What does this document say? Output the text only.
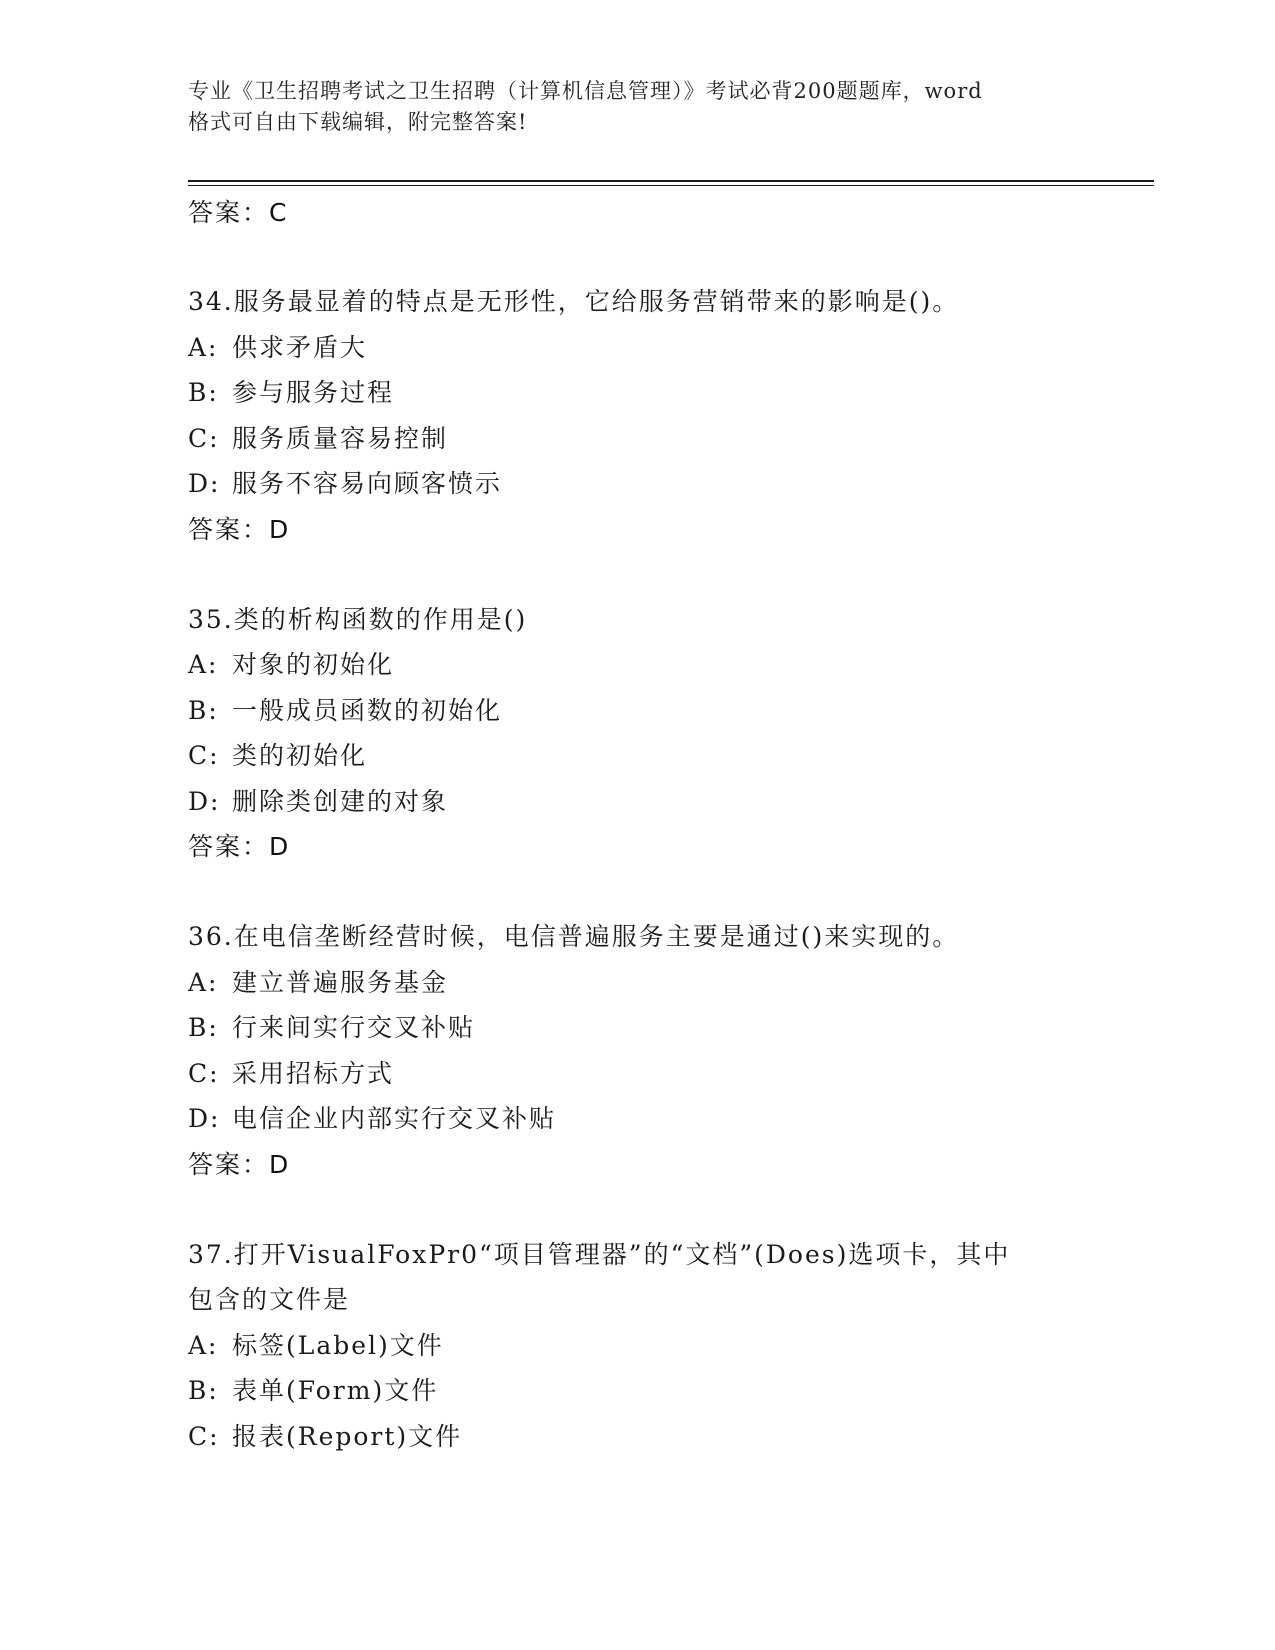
专业《卫生招聘考试之卫生招聘（计算机信息管理）》考试必背200题题库，word
格式可自由下载编辑，附完整答案!
答案：C
34.服务最显着的特点是无形性，它给服务营销带来的影响是()。
A: 供求矛盾大
B: 参与服务过程
C: 服务质量容易控制
D: 服务不容易向顾客愤示
答案：D
35.类的析构函数的作用是()
A: 对象的初始化
B: 一般成员函数的初始化
C: 类的初始化
D: 删除类创建的对象
答案：D
36.在电信垄断经营时候，电信普遍服务主要是通过()来实现的。
A: 建立普遍服务基金
B: 行来间实行交叉补贴
C: 采用招标方式
D: 电信企业内部实行交叉补贴
答案：D
37.打开VisualFoxPr0“项目管理器”的“文档”(Does)选项卡，其中
包含的文件是
A: 标签(Label)文件
B: 表单(Form)文件
C: 报表(Report)文件
